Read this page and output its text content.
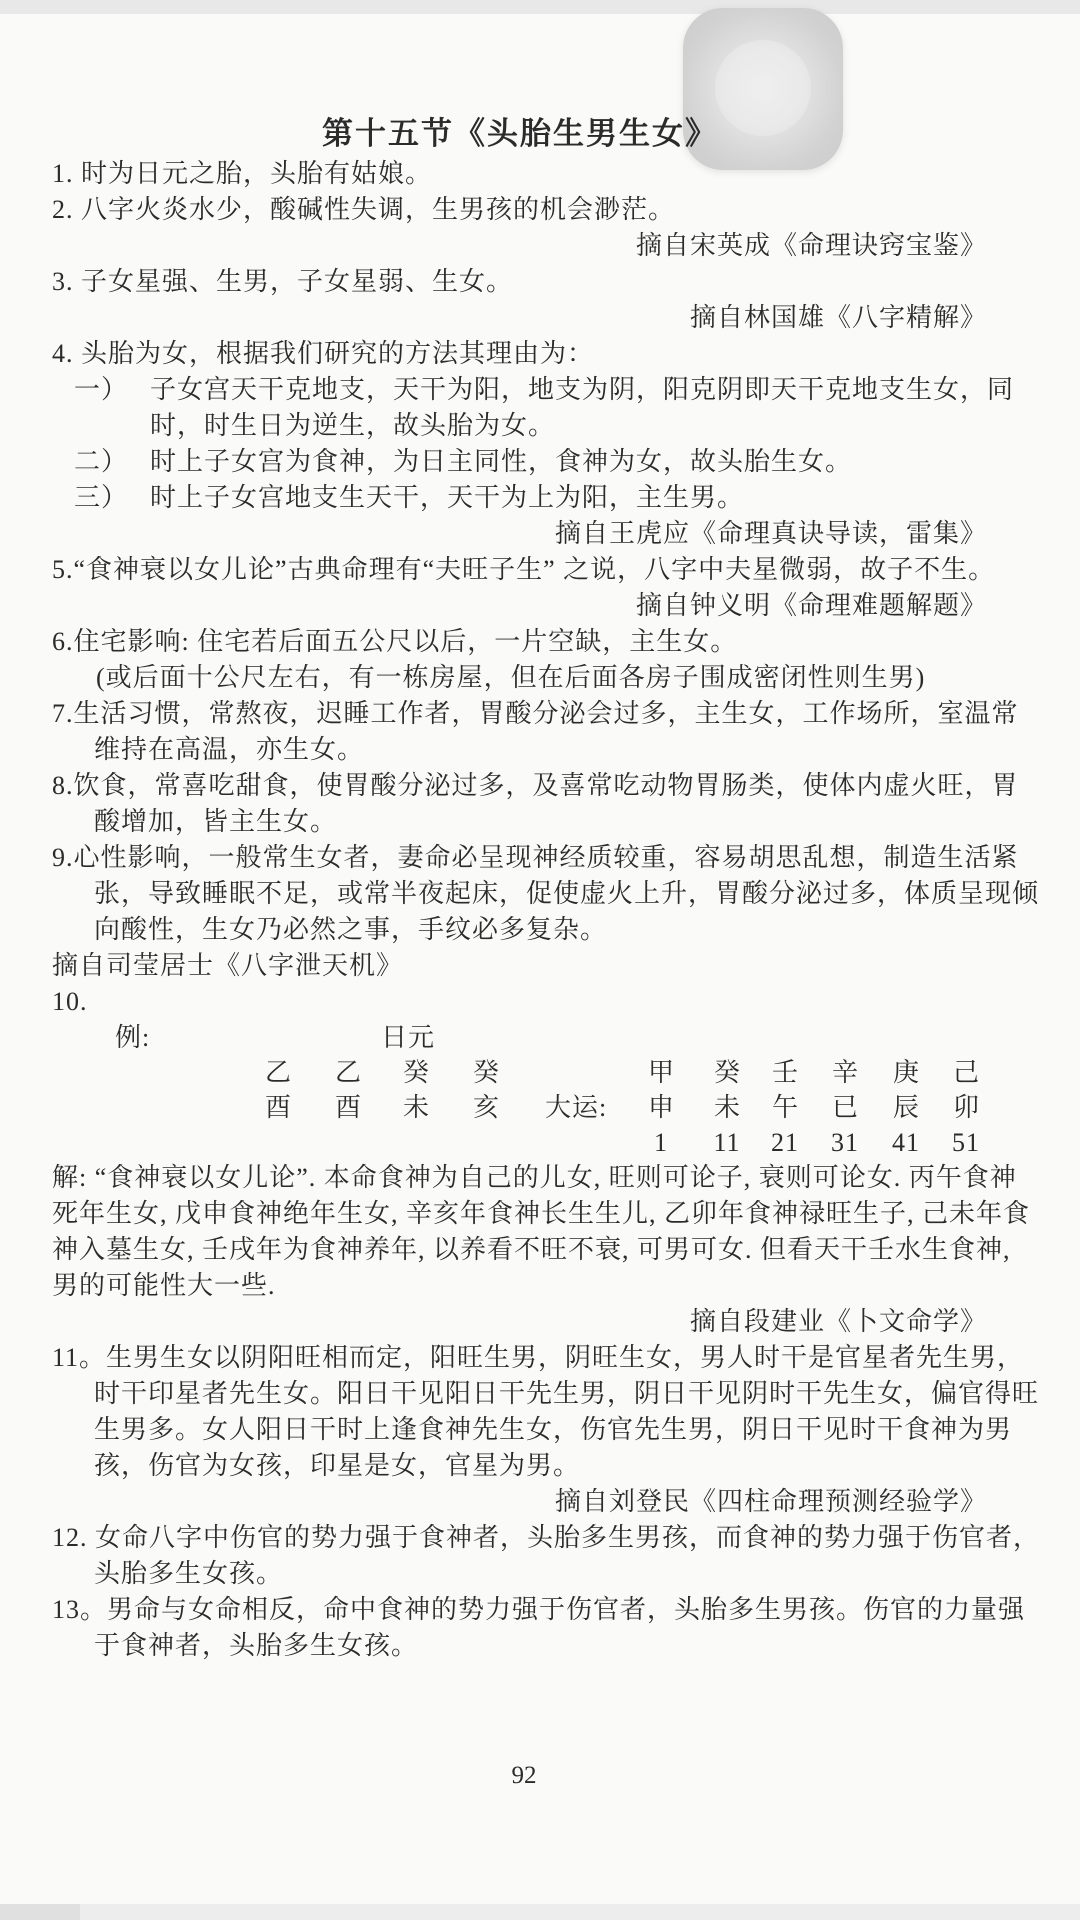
第十五节《头胎生男生女》

1. 时为日元之胎，头胎有姑娘。

2. 八字火炎水少，酸碱性失调，生男孩的机会渺茫。

摘自宋英成《命理诀窍宝鉴》

3. 子女星强、生男，子女星弱、生女。

摘自林国雄《八字精解》

4. 头胎为女，根据我们研究的方法其理由为：

一） 子女宫天干克地支，天干为阳，地支为阴，阳克阴即天干克地支生女，同时，时生日为逆生，故头胎为女。
二） 时上子女宫为食神，为日主同性，食神为女，故头胎生女。
三） 时上子女宫地支生天干，天干为上为阳，主生男。

摘自王虎应《命理真诀导读，雷集》

5.“食神衰以女儿论”古典命理有“夫旺子生” 之说，八字中夫星微弱，故子不生。

摘自钟义明《命理难题解题》

6.住宅影响: 住宅若后面五公尺以后，一片空缺，主生女。

(或后面十公尺左右，有一栋房屋，但在后面各房子围成密闭性则生男)

7.生活习惯，常熬夜，迟睡工作者，胃酸分泌会过多，主生女，工作场所，室温常维持在高温，亦生女。

8.饮食，常喜吃甜食，使胃酸分泌过多，及喜常吃动物胃肠类，使体内虚火旺，胃酸增加，皆主生女。

9.心性影响，一般常生女者，妻命必呈现神经质较重，容易胡思乱想，制造生活紧张，导致睡眠不足，或常半夜起床，促使虚火上升，胃酸分泌过多，体质呈现倾向酸性，生女乃必然之事，手纹必多复杂。

摘自司莹居士《八字泄天机》

10.

例:	日元
乙 乙 癸 癸	甲 癸 壬 辛 庚 己
酉 酉 未 亥 大运: 申 未 午 已 辰 卯
1	11	21	31	41	51

解: “食神衰以女儿论”. 本命食神为自己的儿女, 旺则可论子, 衰则可论女. 丙午食神死年生女, 戊申食神绝年生女, 辛亥年食神长生生儿, 乙卯年食神禄旺生子, 己未年食神入墓生女, 壬戌年为食神养年, 以养看不旺不衰, 可男可女. 但看天干壬水生食神, 男的可能性大一些.

摘自段建业《卜文命学》

11。生男生女以阴阳旺相而定，阳旺生男，阴旺生女，男人时干是官星者先生男，时干印星者先生女。阳日干见阳日干先生男，阴日干见阴时干先生女，偏官得旺生男多。女人阳日干时上逢食神先生女，伤官先生男，阴日干见时干食神为男孩，伤官为女孩，印星是女，官星为男。

摘自刘登民《四柱命理预测经验学》

12. 女命八字中伤官的势力强于食神者，头胎多生男孩，而食神的势力强于伤官者，头胎多生女孩。

13。男命与女命相反，命中食神的势力强于伤官者，头胎多生男孩。伤官的力量强于食神者，头胎多生女孩。

92
